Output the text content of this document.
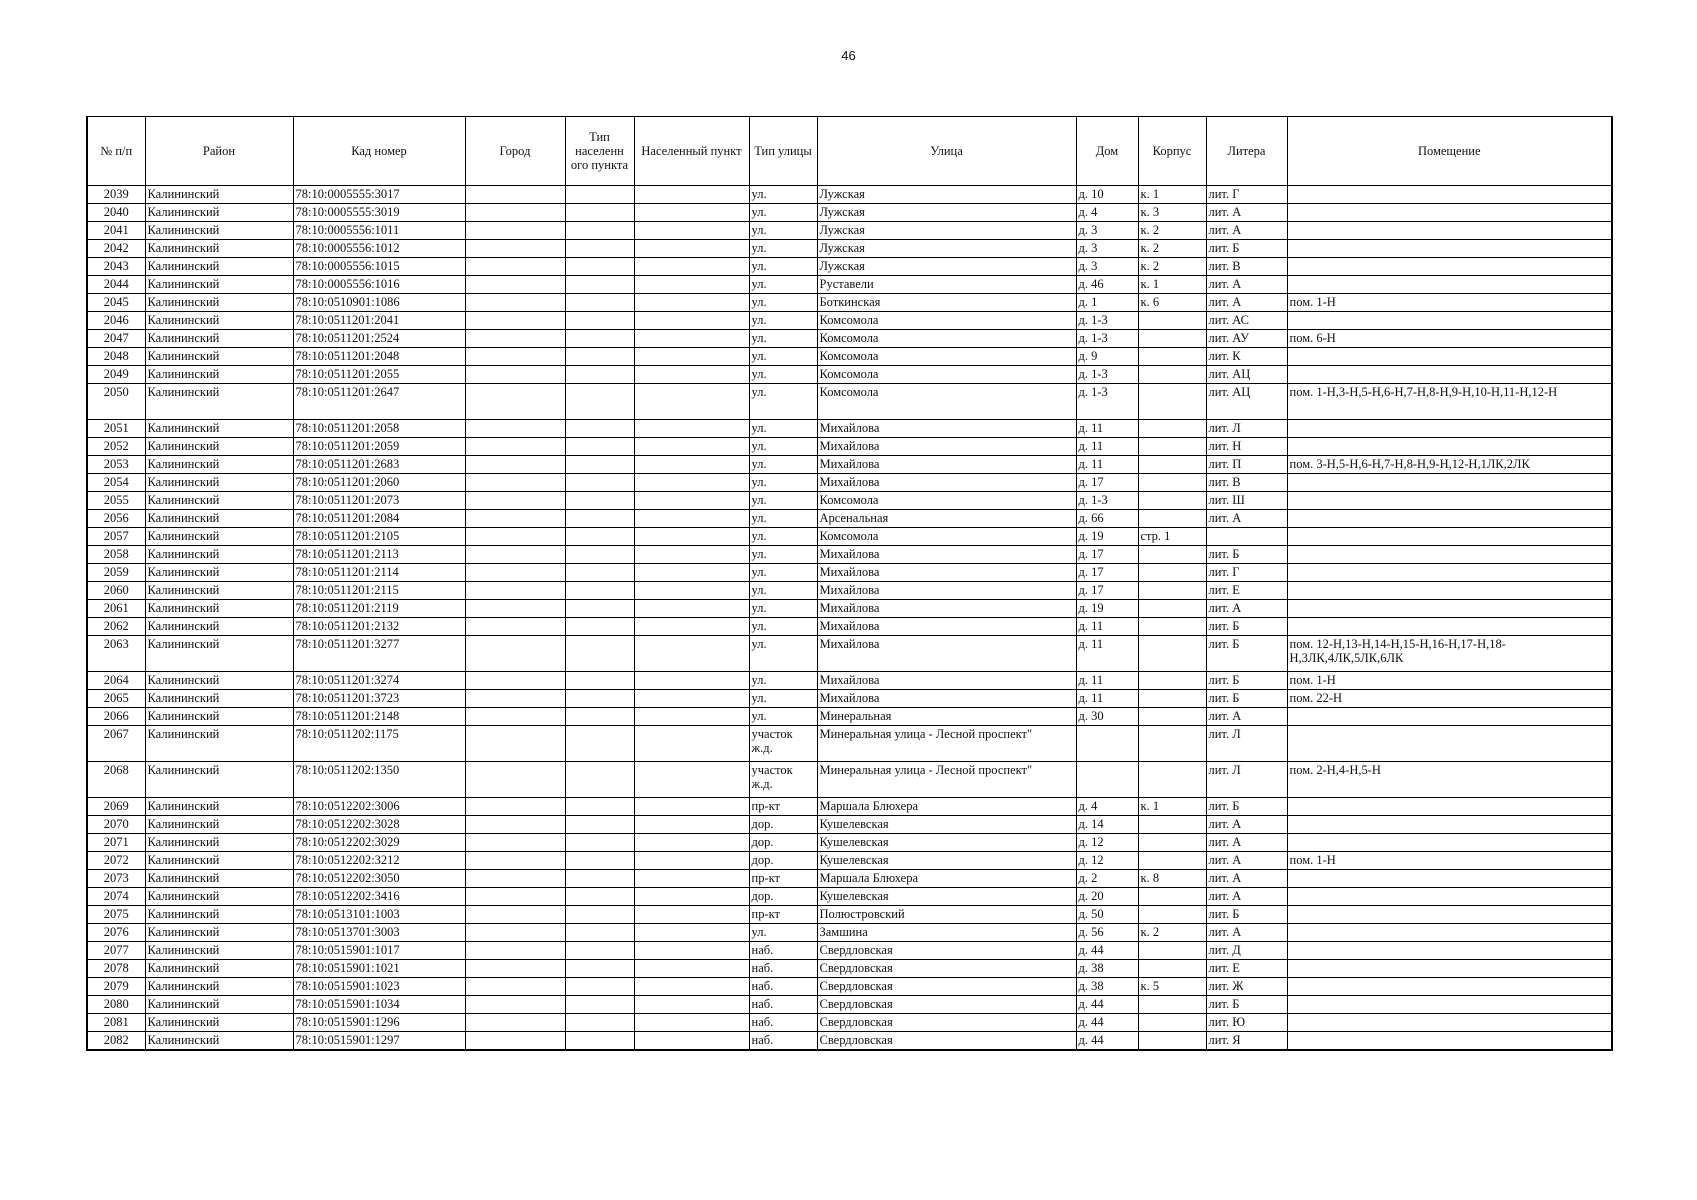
46
№ п/п	Район	Кад номер	Город	Тип населенн ого пункта	Населенный пункт	Тип улицы	Улица	Дом	Корпус	Литера	Помещение
2039	Калининский	78:10:0005555:3017				ул.	Лужская	д. 10	к. 1	лит. Г	
2040	Калининский	78:10:0005555:3019				ул.	Лужская	д. 4	к. 3	лит. А	
2041	Калининский	78:10:0005556:1011				ул.	Лужская	д. 3	к. 2	лит. А	
2042	Калининский	78:10:0005556:1012				ул.	Лужская	д. 3	к. 2	лит. Б	
2043	Калининский	78:10:0005556:1015				ул.	Лужская	д. 3	к. 2	лит. В	
2044	Калининский	78:10:0005556:1016				ул.	Руставели	д. 46	к. 1	лит. А	
2045	Калининский	78:10:0510901:1086				ул.	Боткинская	д. 1	к. 6	лит. А	пом. 1-Н
2046	Калининский	78:10:0511201:2041				ул.	Комсомола	д. 1-3		лит. АС	
2047	Калининский	78:10:0511201:2524				ул.	Комсомола	д. 1-3		лит. АУ	пом. 6-Н
2048	Калининский	78:10:0511201:2048				ул.	Комсомола	д. 9		лит. К	
2049	Калининский	78:10:0511201:2055				ул.	Комсомола	д. 1-3		лит. АЦ	
2050	Калининский	78:10:0511201:2647				ул.	Комсомола	д. 1-3		лит. АЦ	пом. 1-Н,3-Н,5-Н,6-Н,7-Н,8-Н,9-Н,10-Н,11-Н,12-Н
2051	Калининский	78:10:0511201:2058				ул.	Михайлова	д. 11		лит. Л	
2052	Калининский	78:10:0511201:2059				ул.	Михайлова	д. 11		лит. Н	
2053	Калининский	78:10:0511201:2683				ул.	Михайлова	д. 11		лит. П	пом. 3-Н,5-Н,6-Н,7-Н,8-Н,9-Н,12-Н,1ЛК,2ЛК
2054	Калининский	78:10:0511201:2060				ул.	Михайлова	д. 17		лит. В	
2055	Калининский	78:10:0511201:2073				ул.	Комсомола	д. 1-3		лит. Ш	
2056	Калининский	78:10:0511201:2084				ул.	Арсенальная	д. 66		лит. А	
2057	Калининский	78:10:0511201:2105				ул.	Комсомола	д. 19	стр. 1		
2058	Калининский	78:10:0511201:2113				ул.	Михайлова	д. 17		лит. Б	
2059	Калининский	78:10:0511201:2114				ул.	Михайлова	д. 17		лит. Г	
2060	Калининский	78:10:0511201:2115				ул.	Михайлова	д. 17		лит. Е	
2061	Калининский	78:10:0511201:2119				ул.	Михайлова	д. 19		лит. А	
2062	Калининский	78:10:0511201:2132				ул.	Михайлова	д. 11		лит. Б	
2063	Калининский	78:10:0511201:3277				ул.	Михайлова	д. 11		лит. Б	пом. 12-Н,13-Н,14-Н,15-Н,16-Н,17-Н,18-Н,3ЛК,4ЛК,5ЛК,6ЛК
2064	Калининский	78:10:0511201:3274				ул.	Михайлова	д. 11		лит. Б	пом. 1-Н
2065	Калининский	78:10:0511201:3723				ул.	Михайлова	д. 11		лит. Б	пом. 22-Н
2066	Калининский	78:10:0511201:2148				ул.	Минеральная	д. 30		лит. А	
2067	Калининский	78:10:0511202:1175				участок ж.д.	Минеральная улица - Лесной проспект"			лит. Л	
2068	Калининский	78:10:0511202:1350				участок ж.д.	Минеральная улица - Лесной проспект"			лит. Л	пом. 2-Н,4-Н,5-Н
2069	Калининский	78:10:0512202:3006				пр-кт	Маршала Блюхера	д. 4	к. 1	лит. Б	
2070	Калининский	78:10:0512202:3028				дор.	Кушелевская	д. 14		лит. А	
2071	Калининский	78:10:0512202:3029				дор.	Кушелевская	д. 12		лит. А	
2072	Калининский	78:10:0512202:3212				дор.	Кушелевская	д. 12		лит. А	пом. 1-Н
2073	Калининский	78:10:0512202:3050				пр-кт	Маршала Блюхера	д. 2	к. 8	лит. А	
2074	Калининский	78:10:0512202:3416				дор.	Кушелевская	д. 20		лит. А	
2075	Калининский	78:10:0513101:1003				пр-кт	Полюстровский	д. 50		лит. Б	
2076	Калининский	78:10:0513701:3003				ул.	Замшина	д. 56	к. 2	лит. А	
2077	Калининский	78:10:0515901:1017				наб.	Свердловская	д. 44		лит. Д	
2078	Калининский	78:10:0515901:1021				наб.	Свердловская	д. 38		лит. Е	
2079	Калининский	78:10:0515901:1023				наб.	Свердловская	д. 38	к. 5	лит. Ж	
2080	Калининский	78:10:0515901:1034				наб.	Свердловская	д. 44		лит. Б	
2081	Калининский	78:10:0515901:1296				наб.	Свердловская	д. 44		лит. Ю	
2082	Калининский	78:10:0515901:1297				наб.	Свердловская	д. 44		лит. Я	
